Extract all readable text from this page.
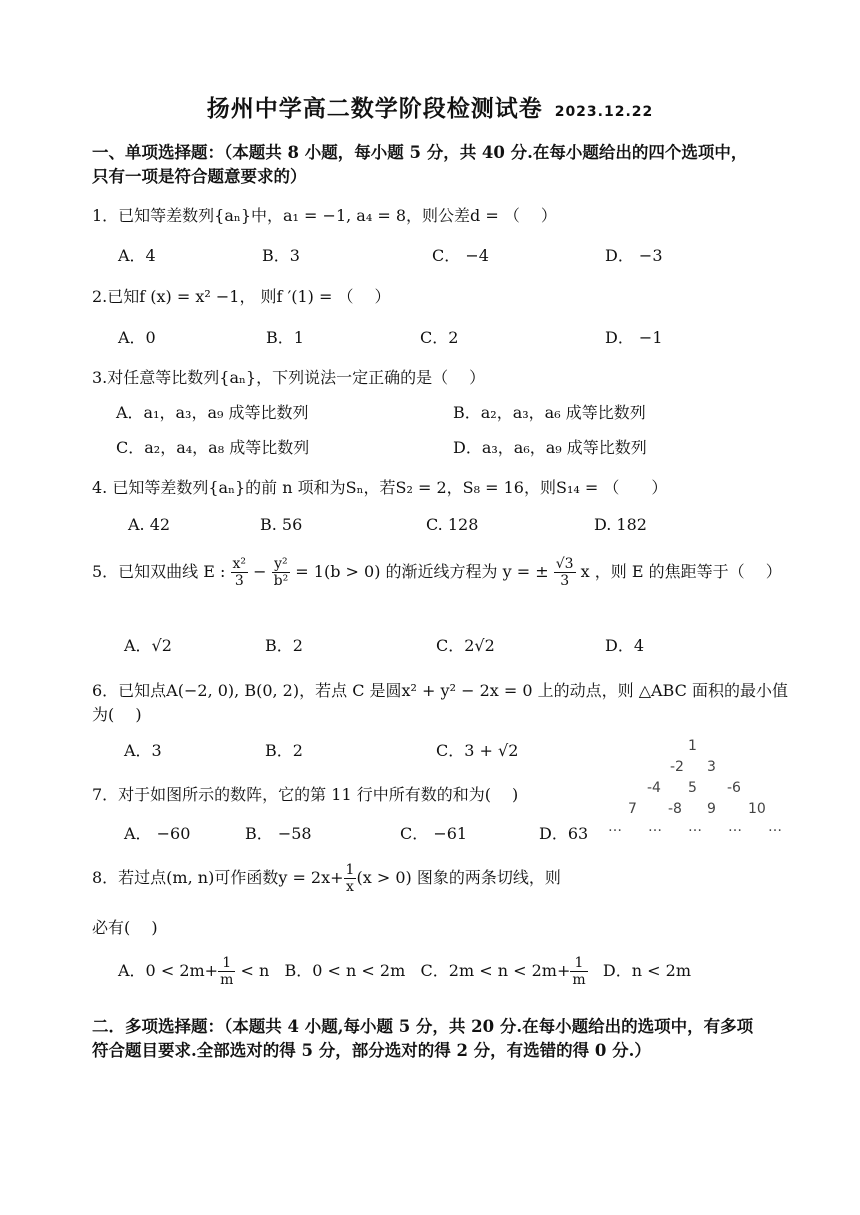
扬州中学高二数学阶段检测试卷 2023.12.22
一、单项选择题：（本题共 8 小题，每小题 5 分，共 40 分.在每小题给出的四个选项中，
只有一项是符合题意要求的）
1．已知等差数列{aₙ}中，a₁ = −1, a₄ = 8，则公差d = （　 ）
A．4	B．3	C． −4	D． −3
2.已知f (x) = x² −1， 则f ′(1) = （　 ）
A．0	B．1	C．2	D． −1
3.对任意等比数列{aₙ}，下列说法一定正确的是（　 ）
A．a₁，a₃，a₉ 成等比数列	B．a₂，a₃，a₆ 成等比数列
C．a₂，a₄，a₈ 成等比数列	D．a₃，a₆，a₉ 成等比数列
4. 已知等差数列{aₙ}的前 n 项和为Sₙ，若S₂ = 2，S₈ = 16，则S₁₄ = （　　）
A. 42	B. 56	C. 128	D. 182
5．已知双曲线 E : $\frac{\text{x²}}{3} - \frac{\text{y²}}{\text{b²}} = 1(b > 0)$ 的渐近线方程为 y = ± $\frac{√3}{3}$ x ，则 E 的焦距等于（　 ）
A．√2	B．2	C．2√2	D．4
6．已知点A(−2, 0), B(0, 2)，若点 C 是圆x² + y² − 2x = 0 上的动点，则 △ABC 面积的最小值
为(　 )
A．3	B．2	C．3 + √2
7．对于如图所示的数阵，它的第 11 行中所有数的和为(　 )
A． −60	B． −58	C． −61	D．63
1
-2 3
-4 5 -6
7 -8 9 10
… … … … …
8．若过点(m, n)可作函数$y = 2x+ \frac{1}{x} (x > 0)$ 图象的两条切线，则
必有(　 )
A．$0 < 2m+ \frac{1}{m} < n$ B．0 < n < 2m C．$2m < n < 2m+ \frac{1}{m}$ D．n < 2m
二．多项选择题：（本题共 4 小题,每小题 5 分，共 20 分.在每小题给出的选项中，有多项
符合题目要求.全部选对的得 5 分，部分选对的得 2 分，有选错的得 0 分.）
